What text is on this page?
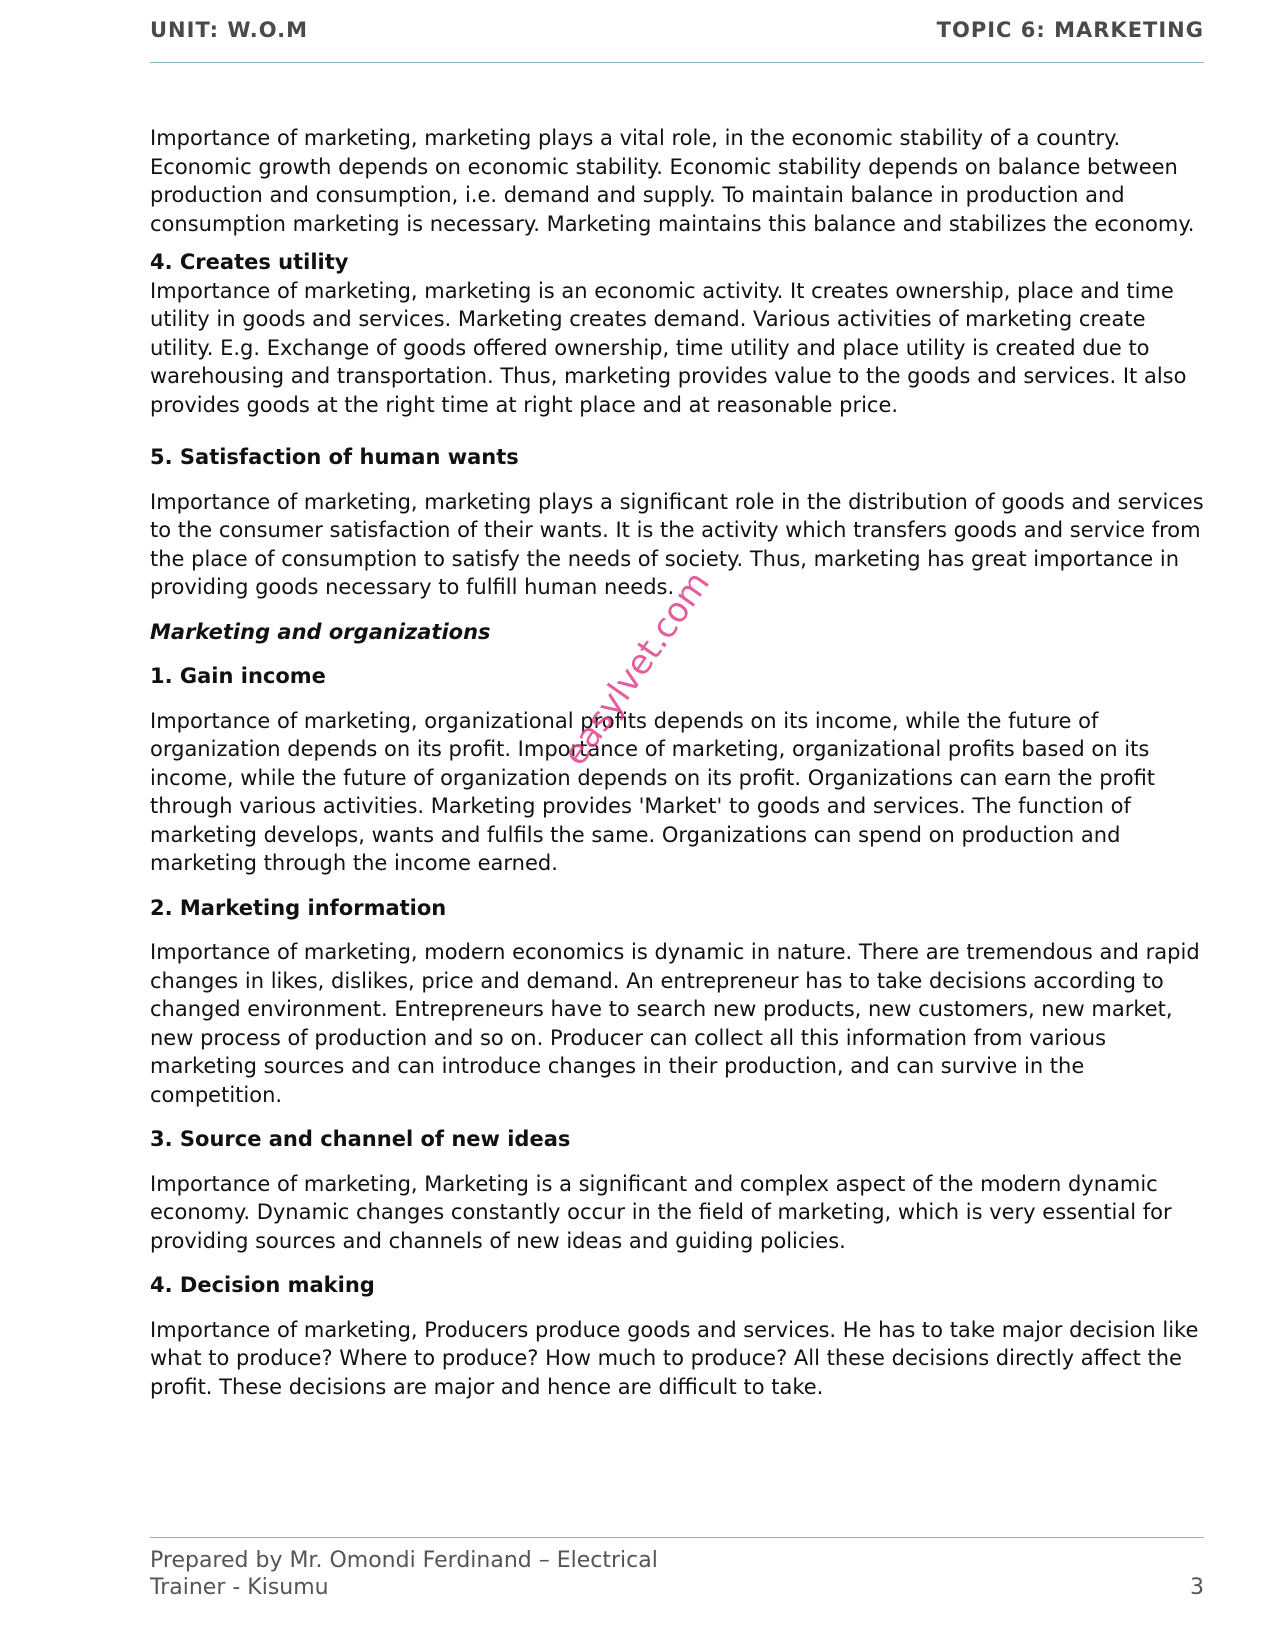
UNIT: W.O.M	TOPIC 6: MARKETING

Importance of marketing, marketing plays a vital role, in the economic stability of a country. Economic growth depends on economic stability. Economic stability depends on balance between production and consumption, i.e. demand and supply. To maintain balance in production and consumption marketing is necessary. Marketing maintains this balance and stabilizes the economy.

4. Creates utility

Importance of marketing, marketing is an economic activity. It creates ownership, place and time utility in goods and services. Marketing creates demand. Various activities of marketing create utility. E.g. Exchange of goods offered ownership, time utility and place utility is created due to warehousing and transportation. Thus, marketing provides value to the goods and services. It also provides goods at the right time at right place and at reasonable price.

5. Satisfaction of human wants

Importance of marketing, marketing plays a significant role in the distribution of goods and services to the consumer satisfaction of their wants. It is the activity which transfers goods and service from the place of consumption to satisfy the needs of society. Thus, marketing has great importance in providing goods necessary to fulfill human needs.

Marketing and organizations
1. Gain income

Importance of marketing, organizational profits depends on its income, while the future of organization depends on its profit. Importance of marketing, organizational profits based on its income, while the future of organization depends on its profit. Organizations can earn the profit through various activities. Marketing provides 'Market' to goods and services. The function of marketing develops, wants and fulfils the same. Organizations can spend on production and marketing through the income earned.

2. Marketing information

Importance of marketing, modern economics is dynamic in nature. There are tremendous and rapid changes in likes, dislikes, price and demand. An entrepreneur has to take decisions according to changed environment. Entrepreneurs have to search new products, new customers, new market, new process of production and so on. Producer can collect all this information from various marketing sources and can introduce changes in their production, and can survive in the competition.

3. Source and channel of new ideas

Importance of marketing, Marketing is a significant and complex aspect of the modern dynamic economy. Dynamic changes constantly occur in the field of marketing, which is very essential for providing sources and channels of new ideas and guiding policies.

4. Decision making

Importance of marketing, Producers produce goods and services. He has to take major decision like what to produce? Where to produce? How much to produce? All these decisions directly affect the profit. These decisions are major and hence are difficult to take.

easylvet.com
Prepared by Mr. Omondi Ferdinand – Electrical
Trainer - Kisumu	3
